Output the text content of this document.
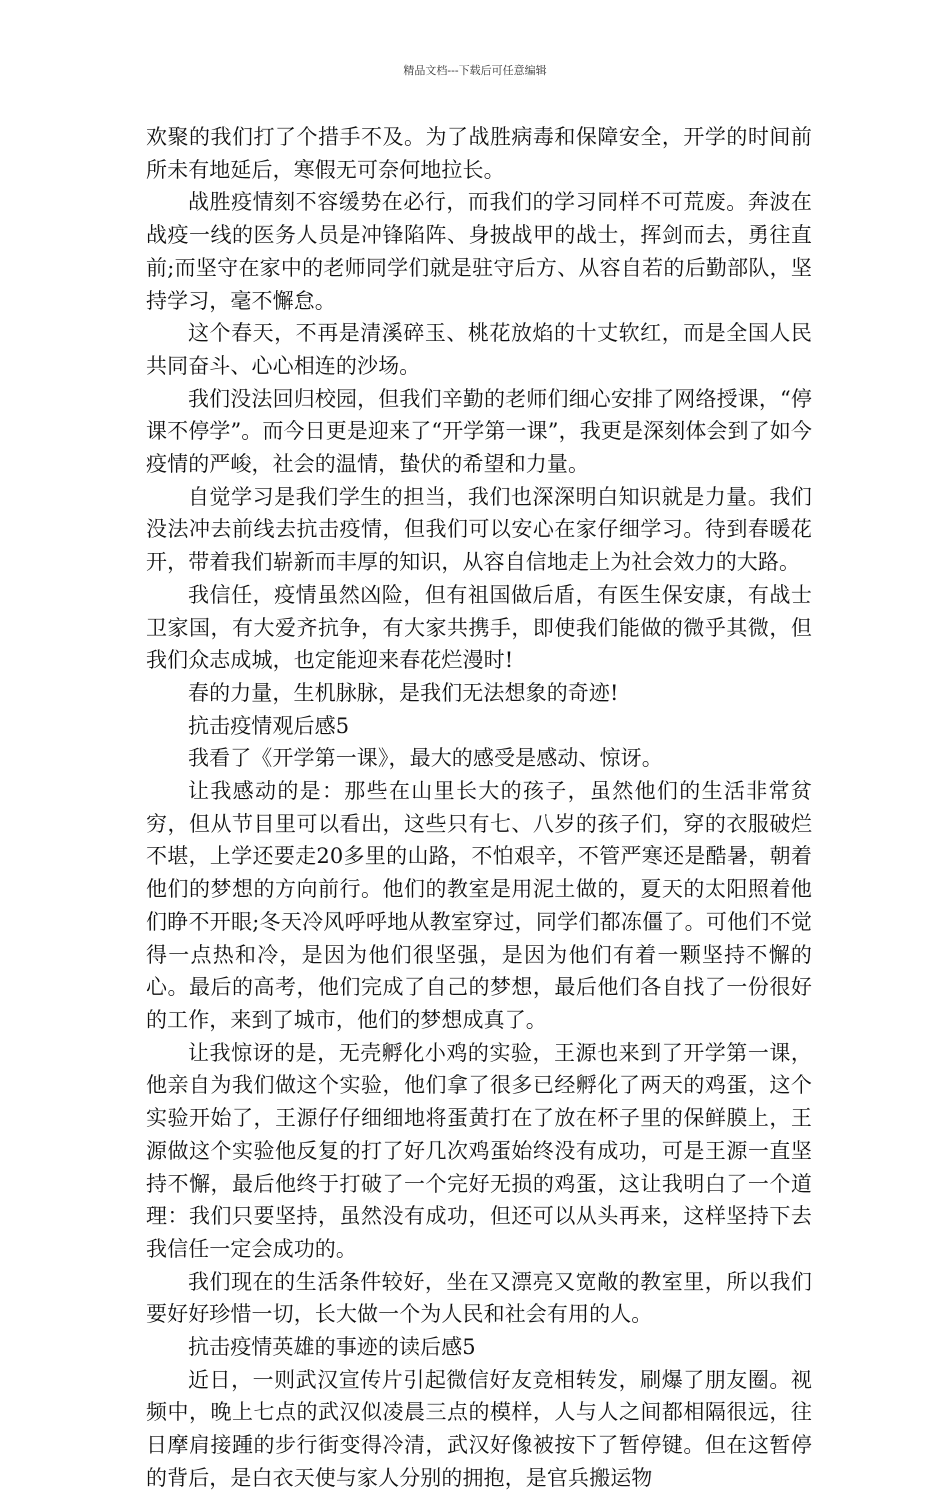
精品文档---下载后可任意编辑

欢聚的我们打了个措手不及。为了战胜病毒和保障安全，开学的时间前所未有地延后，寒假无可奈何地拉长。

战胜疫情刻不容缓势在必行，而我们的学习同样不可荒废。奔波在战疫一线的医务人员是冲锋陷阵、身披战甲的战士，挥剑而去，勇往直前;而坚守在家中的老师同学们就是驻守后方、从容自若的后勤部队，坚持学习，毫不懈怠。

这个春天，不再是清溪碎玉、桃花放焰的十丈软红，而是全国人民共同奋斗、心心相连的沙场。

我们没法回归校园，但我们辛勤的老师们细心安排了网络授课，“停课不停学”。而今日更是迎来了“开学第一课”，我更是深刻体会到了如今疫情的严峻，社会的温情，蛰伏的希望和力量。

自觉学习是我们学生的担当，我们也深深明白知识就是力量。我们没法冲去前线去抗击疫情，但我们可以安心在家仔细学习。待到春暖花开，带着我们崭新而丰厚的知识，从容自信地走上为社会效力的大路。

我信任，疫情虽然凶险，但有祖国做后盾，有医生保安康，有战士卫家国，有大爱齐抗争，有大家共携手，即使我们能做的微乎其微，但我们众志成城，也定能迎来春花烂漫时!

春的力量，生机脉脉，是我们无法想象的奇迹!

抗击疫情观后感5

我看了《开学第一课》，最大的感受是感动、惊讶。

让我感动的是：那些在山里长大的孩子，虽然他们的生活非常贫穷，但从节目里可以看出，这些只有七、八岁的孩子们，穿的衣服破烂不堪，上学还要走20多里的山路，不怕艰辛，不管严寒还是酷暑，朝着他们的梦想的方向前行。他们的教室是用泥土做的，夏天的太阳照着他们睁不开眼;冬天冷风呼呼地从教室穿过，同学们都冻僵了。可他们不觉得一点热和冷，是因为他们很坚强，是因为他们有着一颗坚持不懈的心。最后的高考，他们完成了自己的梦想，最后他们各自找了一份很好的工作，来到了城市，他们的梦想成真了。

让我惊讶的是，无壳孵化小鸡的实验，王源也来到了开学第一课，他亲自为我们做这个实验，他们拿了很多已经孵化了两天的鸡蛋，这个实验开始了，王源仔仔细细地将蛋黄打在了放在杯子里的保鲜膜上，王源做这个实验他反复的打了好几次鸡蛋始终没有成功，可是王源一直坚持不懈，最后他终于打破了一个完好无损的鸡蛋，这让我明白了一个道理：我们只要坚持，虽然没有成功，但还可以从头再来，这样坚持下去我信任一定会成功的。

我们现在的生活条件较好，坐在又漂亮又宽敞的教室里，所以我们要好好珍惜一切，长大做一个为人民和社会有用的人。

抗击疫情英雄的事迹的读后感5

近日，一则武汉宣传片引起微信好友竞相转发，刷爆了朋友圈。视频中，晚上七点的武汉似凌晨三点的模样，人与人之间都相隔很远，往日摩肩接踵的步行街变得冷清，武汉好像被按下了暂停键。但在这暂停的背后，是白衣天使与家人分别的拥抱，是官兵搬运物
